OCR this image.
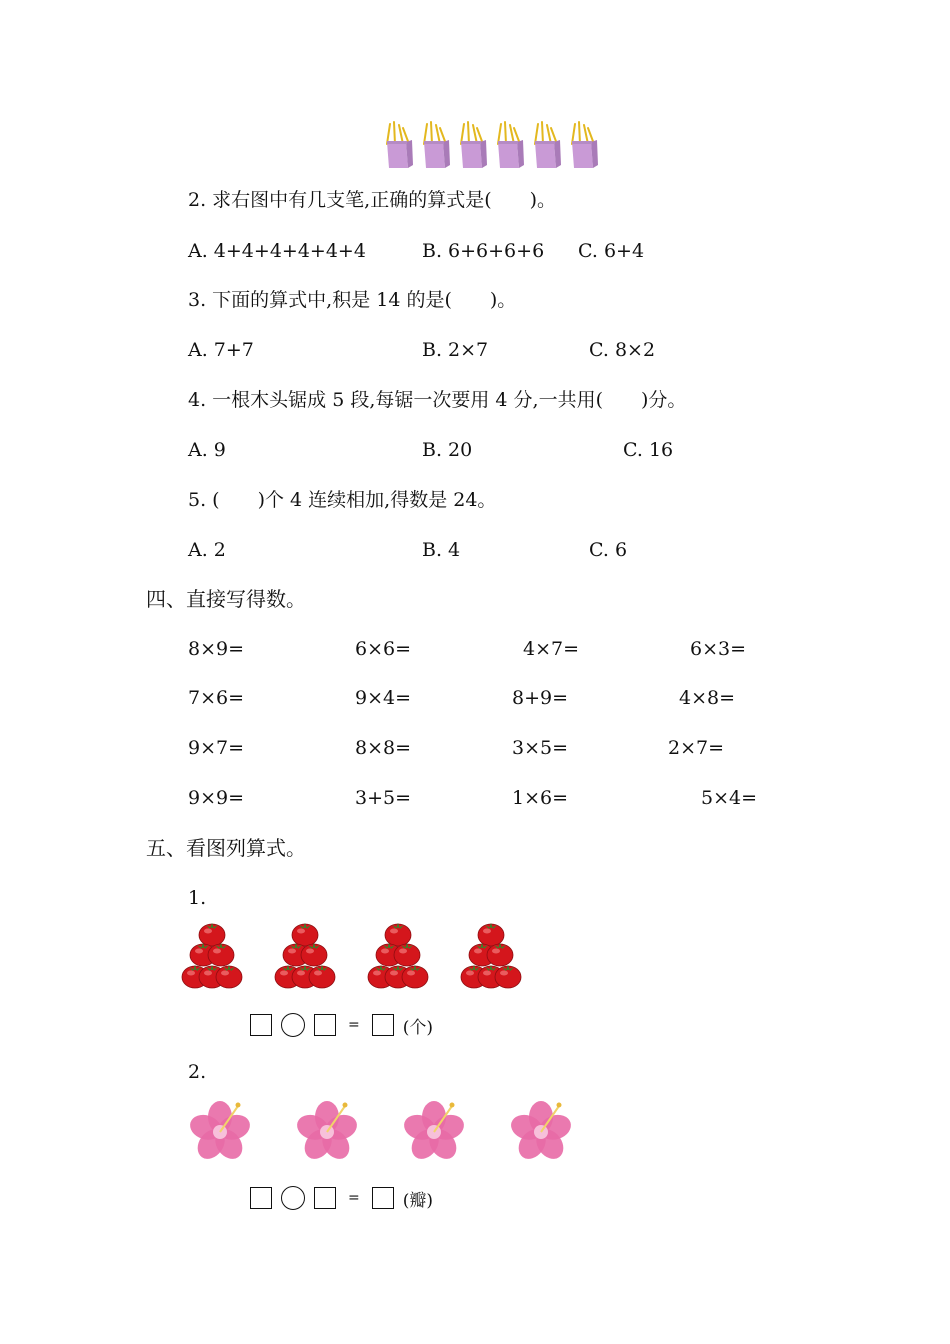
2. 求右图中有几支笔,正确的算式是(　　)。
A. 4+4+4+4+4+4	B. 6+6+6+6 C. 6+4
3. 下面的算式中,积是 14 的是(　　)。
A. 7+7	B. 2×7	C. 8×2
4. 一根木头锯成 5 段,每锯一次要用 4 分,一共用(　　)分。
A. 9	B. 20	C. 16
5. (　　)个 4 连续相加,得数是 24。
A. 2	B. 4	C. 6
四、直接写得数。
8×9=	6×6=	4×7=	6×3=
7×6=	9×4=	8+9=	4×8=
9×7=	8×8=	3×5=	2×7=
9×9=	3+5=	1×6=	5×4=
五、看图列算式。
1.
=	(个)
2.
=	(瓣)
